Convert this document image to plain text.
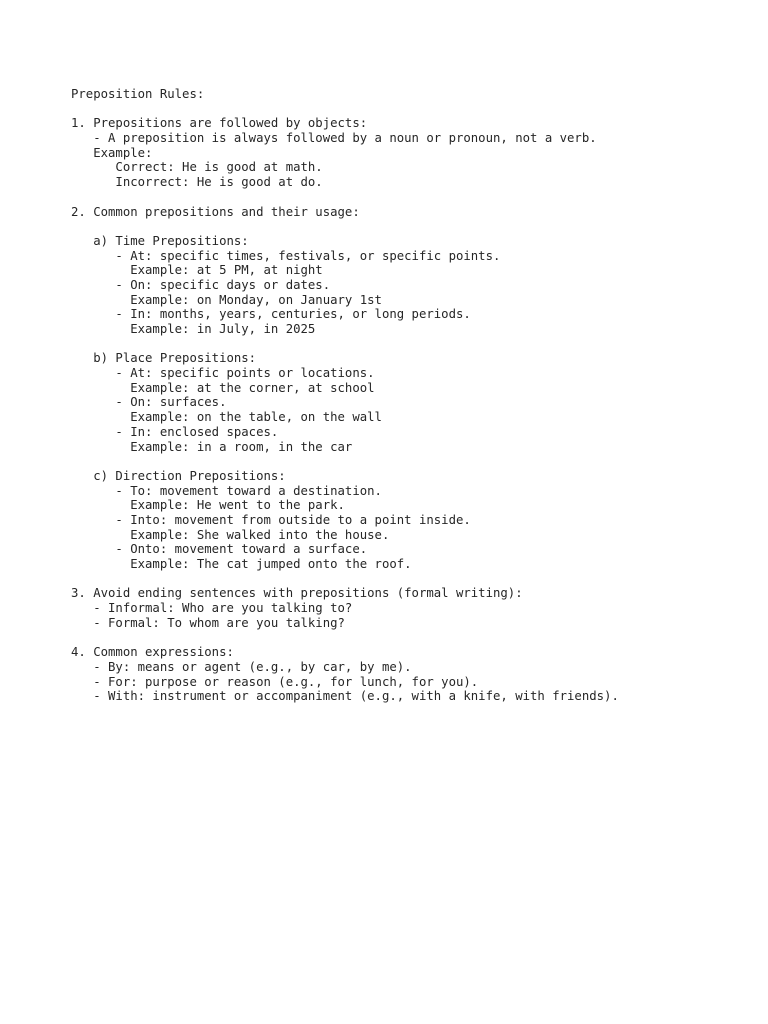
Preposition Rules:
1. Prepositions are followed by objects:
- A preposition is always followed by a noun or pronoun, not a verb.
Example:
Correct: He is good at math.
Incorrect: He is good at do.
2. Common prepositions and their usage:
a) Time Prepositions:
- At: specific times, festivals, or specific points.
Example: at 5 PM, at night
- On: specific days or dates.
Example: on Monday, on January 1st
- In: months, years, centuries, or long periods.
Example: in July, in 2025
b) Place Prepositions:
- At: specific points or locations.
Example: at the corner, at school
- On: surfaces.
Example: on the table, on the wall
- In: enclosed spaces.
Example: in a room, in the car
c) Direction Prepositions:
- To: movement toward a destination.
Example: He went to the park.
- Into: movement from outside to a point inside.
Example: She walked into the house.
- Onto: movement toward a surface.
Example: The cat jumped onto the roof.
3. Avoid ending sentences with prepositions (formal writing):
- Informal: Who are you talking to?
- Formal: To whom are you talking?
4. Common expressions:
- By: means or agent (e.g., by car, by me).
- For: purpose or reason (e.g., for lunch, for you).
- With: instrument or accompaniment (e.g., with a knife, with friends).
